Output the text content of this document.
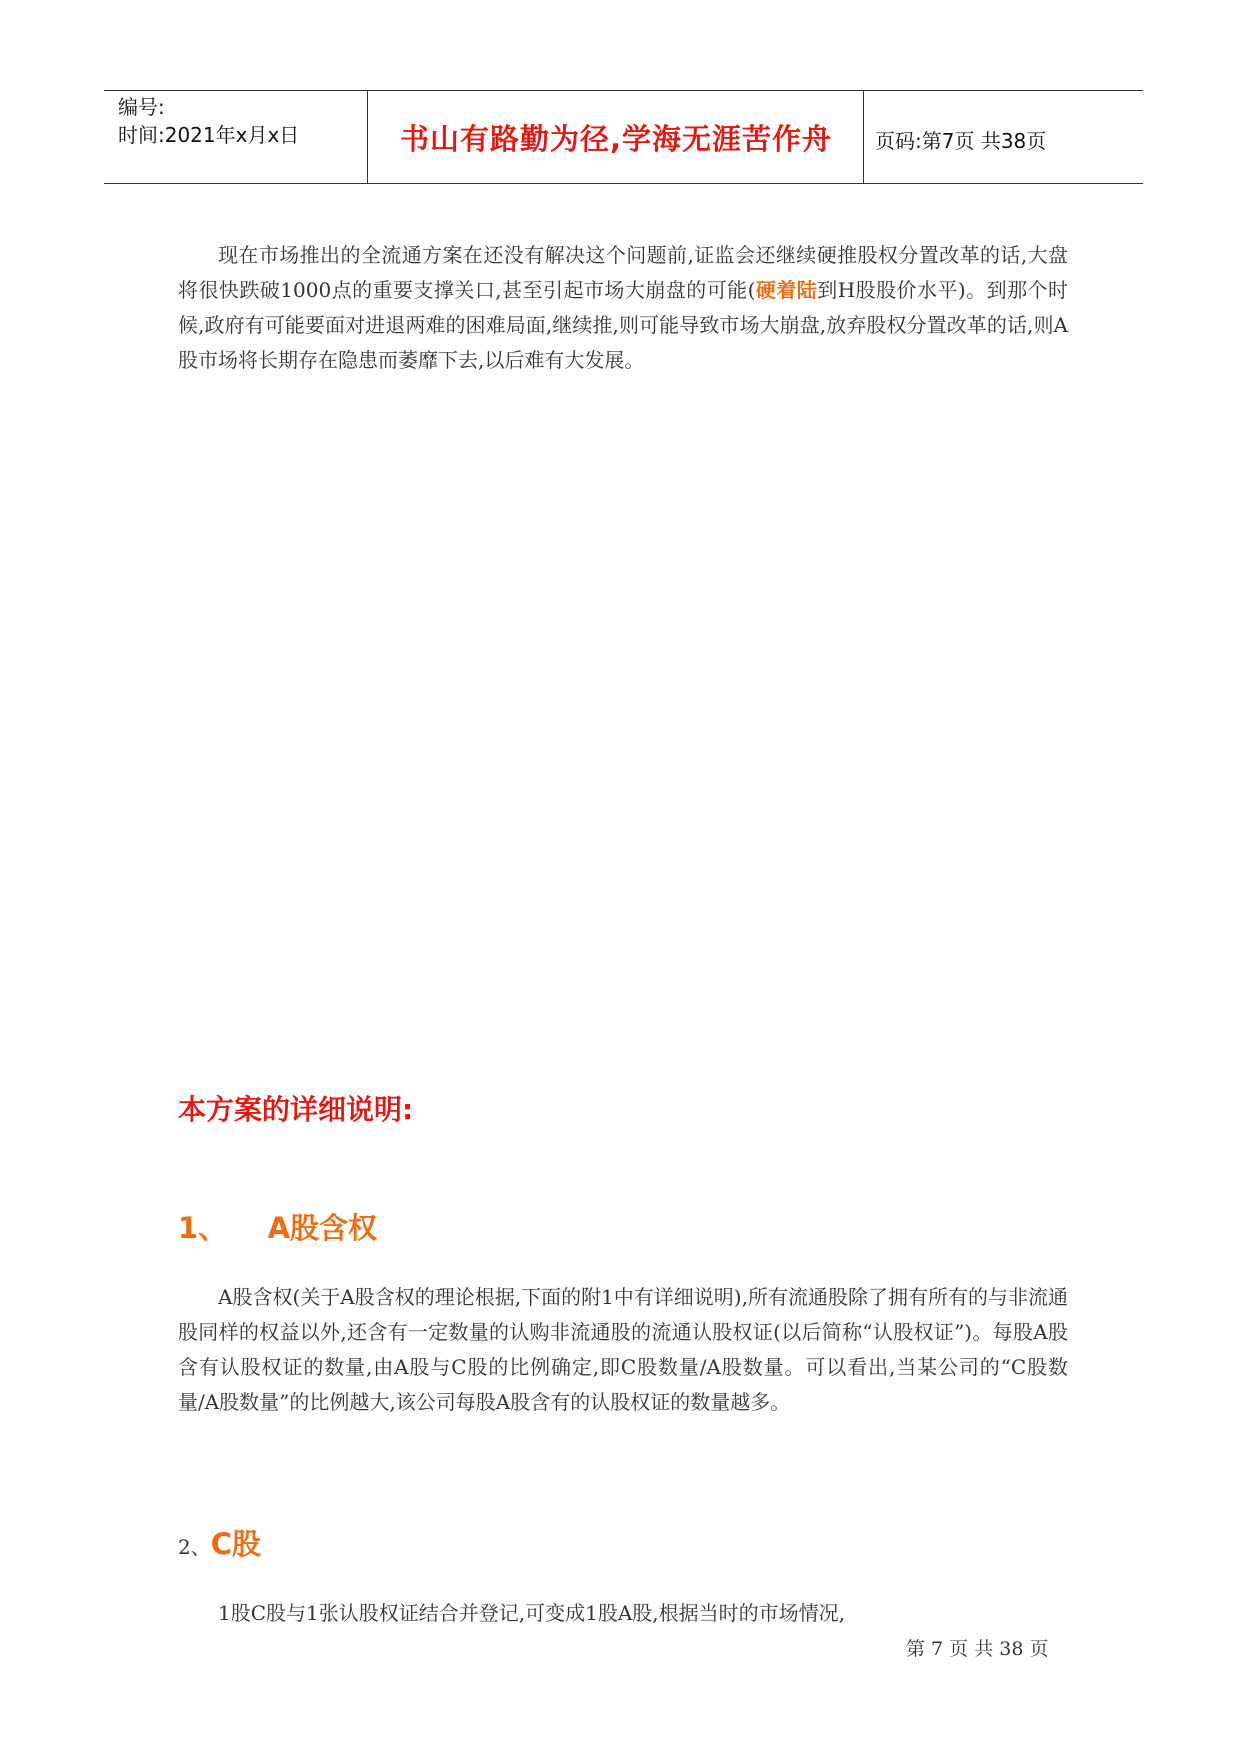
编号:
时间:2021年x月x日	书山有路勤为径,学海无涯苦作舟	页码:第7页 共38页

现在市场推出的全流通方案在还没有解决这个问题前,证监会还继续硬推股权分置改革的话,大盘将很快跌破1000点的重要支撑关口,甚至引起市场大崩盘的可能(硬着陆到H股股价水平)。到那个时候,政府有可能要面对进退两难的困难局面,继续推,则可能导致市场大崩盘,放弃股权分置改革的话,则A股市场将长期存在隐患而萎靡下去,以后难有大发展。

本方案的详细说明:
1、    A股含权

A股含权(关于A股含权的理论根据,下面的附1中有详细说明),所有流通股除了拥有所有的与非流通股同样的权益以外,还含有一定数量的认购非流通股的流通认股权证(以后简称“认股权证”)。每股A股含有认股权证的数量,由A股与C股的比例确定,即C股数量/A股数量。可以看出,当某公司的“C股数量/A股数量”的比例越大,该公司每股A股含有的认股权证的数量越多。

2、C股

1股C股与1张认股权证结合并登记,可变成1股A股,根据当时的市场情况,

第 7 页 共 38 页
